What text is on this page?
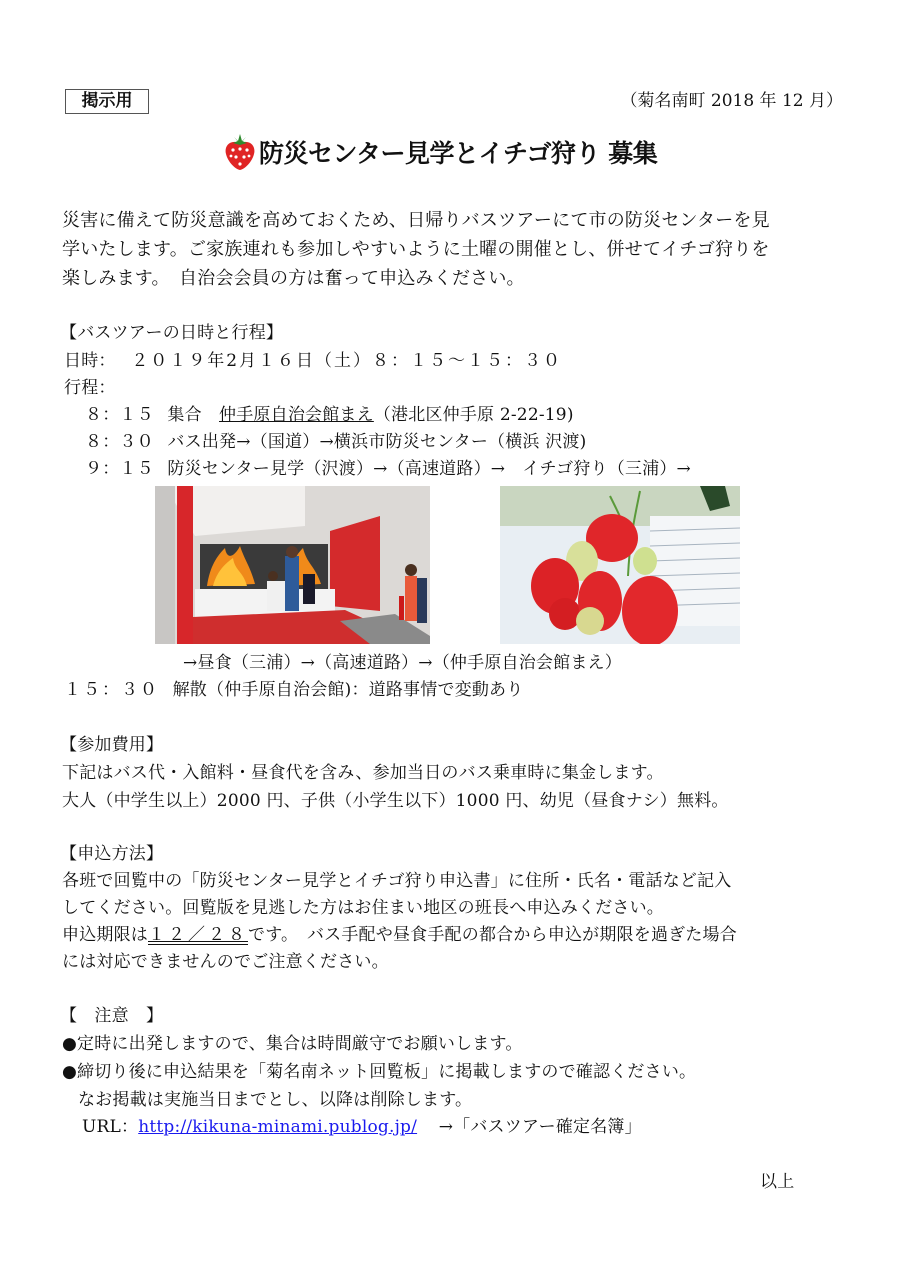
掲示用	（菊名南町 2018 年 12 月）
防災センター見学とイチゴ狩り 募集
災害に備えて防災意識を高めておくため、日帰りバスツアーにて市の防災センターを見
学いたします。ご家族連れも参加しやすいように土曜の開催とし、併せてイチゴ狩りを
楽しみます。　自治会会員の方は奮って申込みください。
【バスツアーの日時と行程】
日時： ２０１９年2月１６日（土）８：１５～１５：３０
行程：
８：１５ 集合　仲手原自治会館まえ（港北区仲手原 2-22-19)
８：３０ バス出発→（国道）→横浜市防災センター（横浜 沢渡)
９：１５ 防災センター見学（沢渡）→（高速道路）→　イチゴ狩り（三浦）→
→昼食（三浦）→（高速道路）→（仲手原自治会館まえ）
１５：３０ 解散（仲手原自治会館)：道路事情で変動あり
【参加費用】
下記はバス代・入館料・昼食代を含み、参加当日のバス乗車時に集金します。
大人（中学生以上）2000 円、子供（小学生以下）1000 円、幼児（昼食ナシ）無料。
【申込方法】
各班で回覧中の「防災センター見学とイチゴ狩り申込書」に住所・氏名・電話など記入
してください。回覧版を見逃した方はお住まい地区の班長へ申込みください。
申込期限は１２／２８です。　バス手配や昼食手配の都合から申込が期限を過ぎた場合
には対応できませんのでご注意ください。
【　注意　】
●定時に出発しますので、集合は時間厳守でお願いします。
●締切り後に申込結果を「菊名南ネット回覧板」に掲載しますので確認ください。
なお掲載は実施当日までとし、以降は削除します。
URL：http://kikuna-minami.publog.jp/ →「バスツアー確定名簿」
以上
